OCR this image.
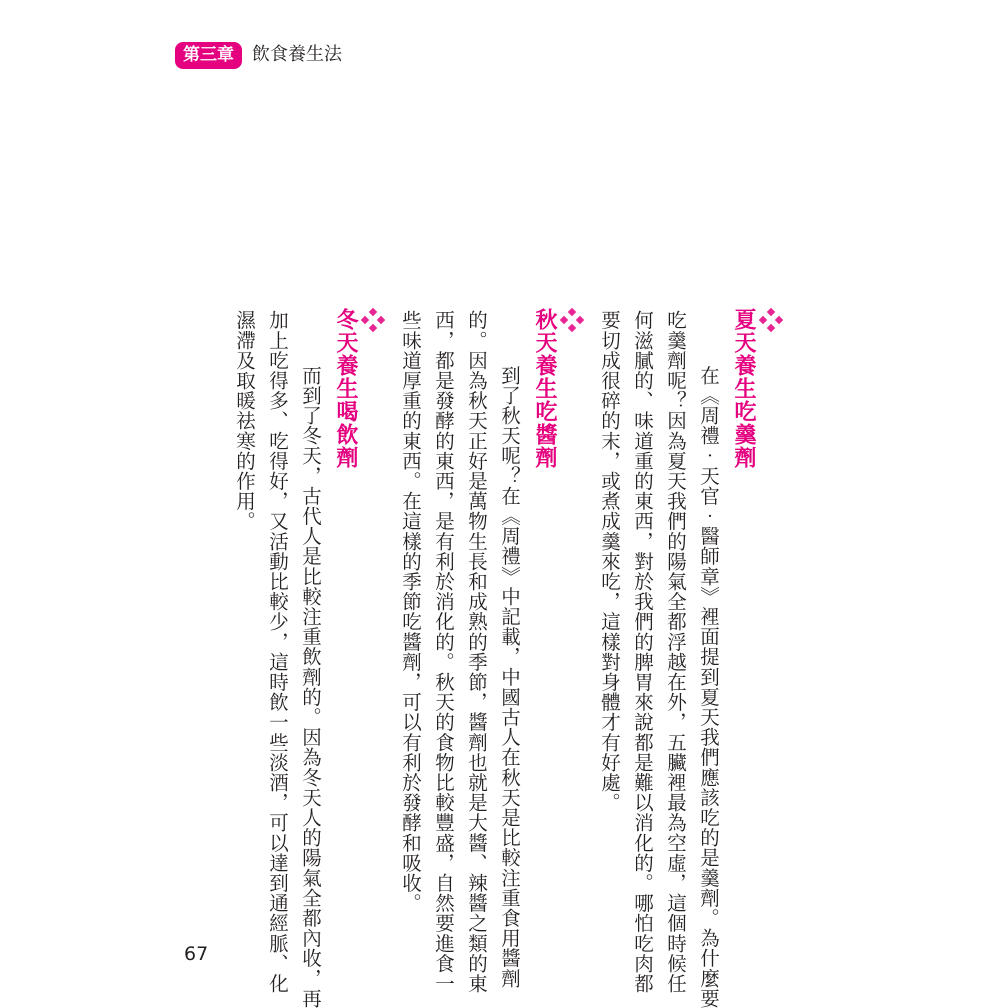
第三章	飲食養生法
夏天養生吃羹劑
　在《周禮‧天官‧醫師章》裡面提到夏天我們應該吃的是羹劑。為什麼要
吃羹劑呢？因為夏天我們的陽氣全都浮越在外，五臟裡最為空虛，這個時候任
何滋膩的、味道重的東西，對於我們的脾胃來說都是難以消化的。哪怕吃肉都
要切成很碎的末，或煮成羹來吃，這樣對身體才有好處。
秋天養生吃醬劑
　到了秋天呢？在《周禮》中記載，中國古人在秋天是比較注重食用醬劑
的。因為秋天正好是萬物生長和成熟的季節，醬劑也就是大醬、辣醬之類的東
西，都是發酵的東西，是有利於消化的。秋天的食物比較豐盛，自然要進食一
些味道厚重的東西。在這樣的季節吃醬劑，可以有利於發酵和吸收。
冬天養生喝飲劑
　而到了冬天，古代人是比較注重飲劑的。因為冬天人的陽氣全都內收，再
加上吃得多、吃得好，又活動比較少，這時飲一些淡酒，可以達到通經脈、化
濕滯及取暖祛寒的作用。
67
